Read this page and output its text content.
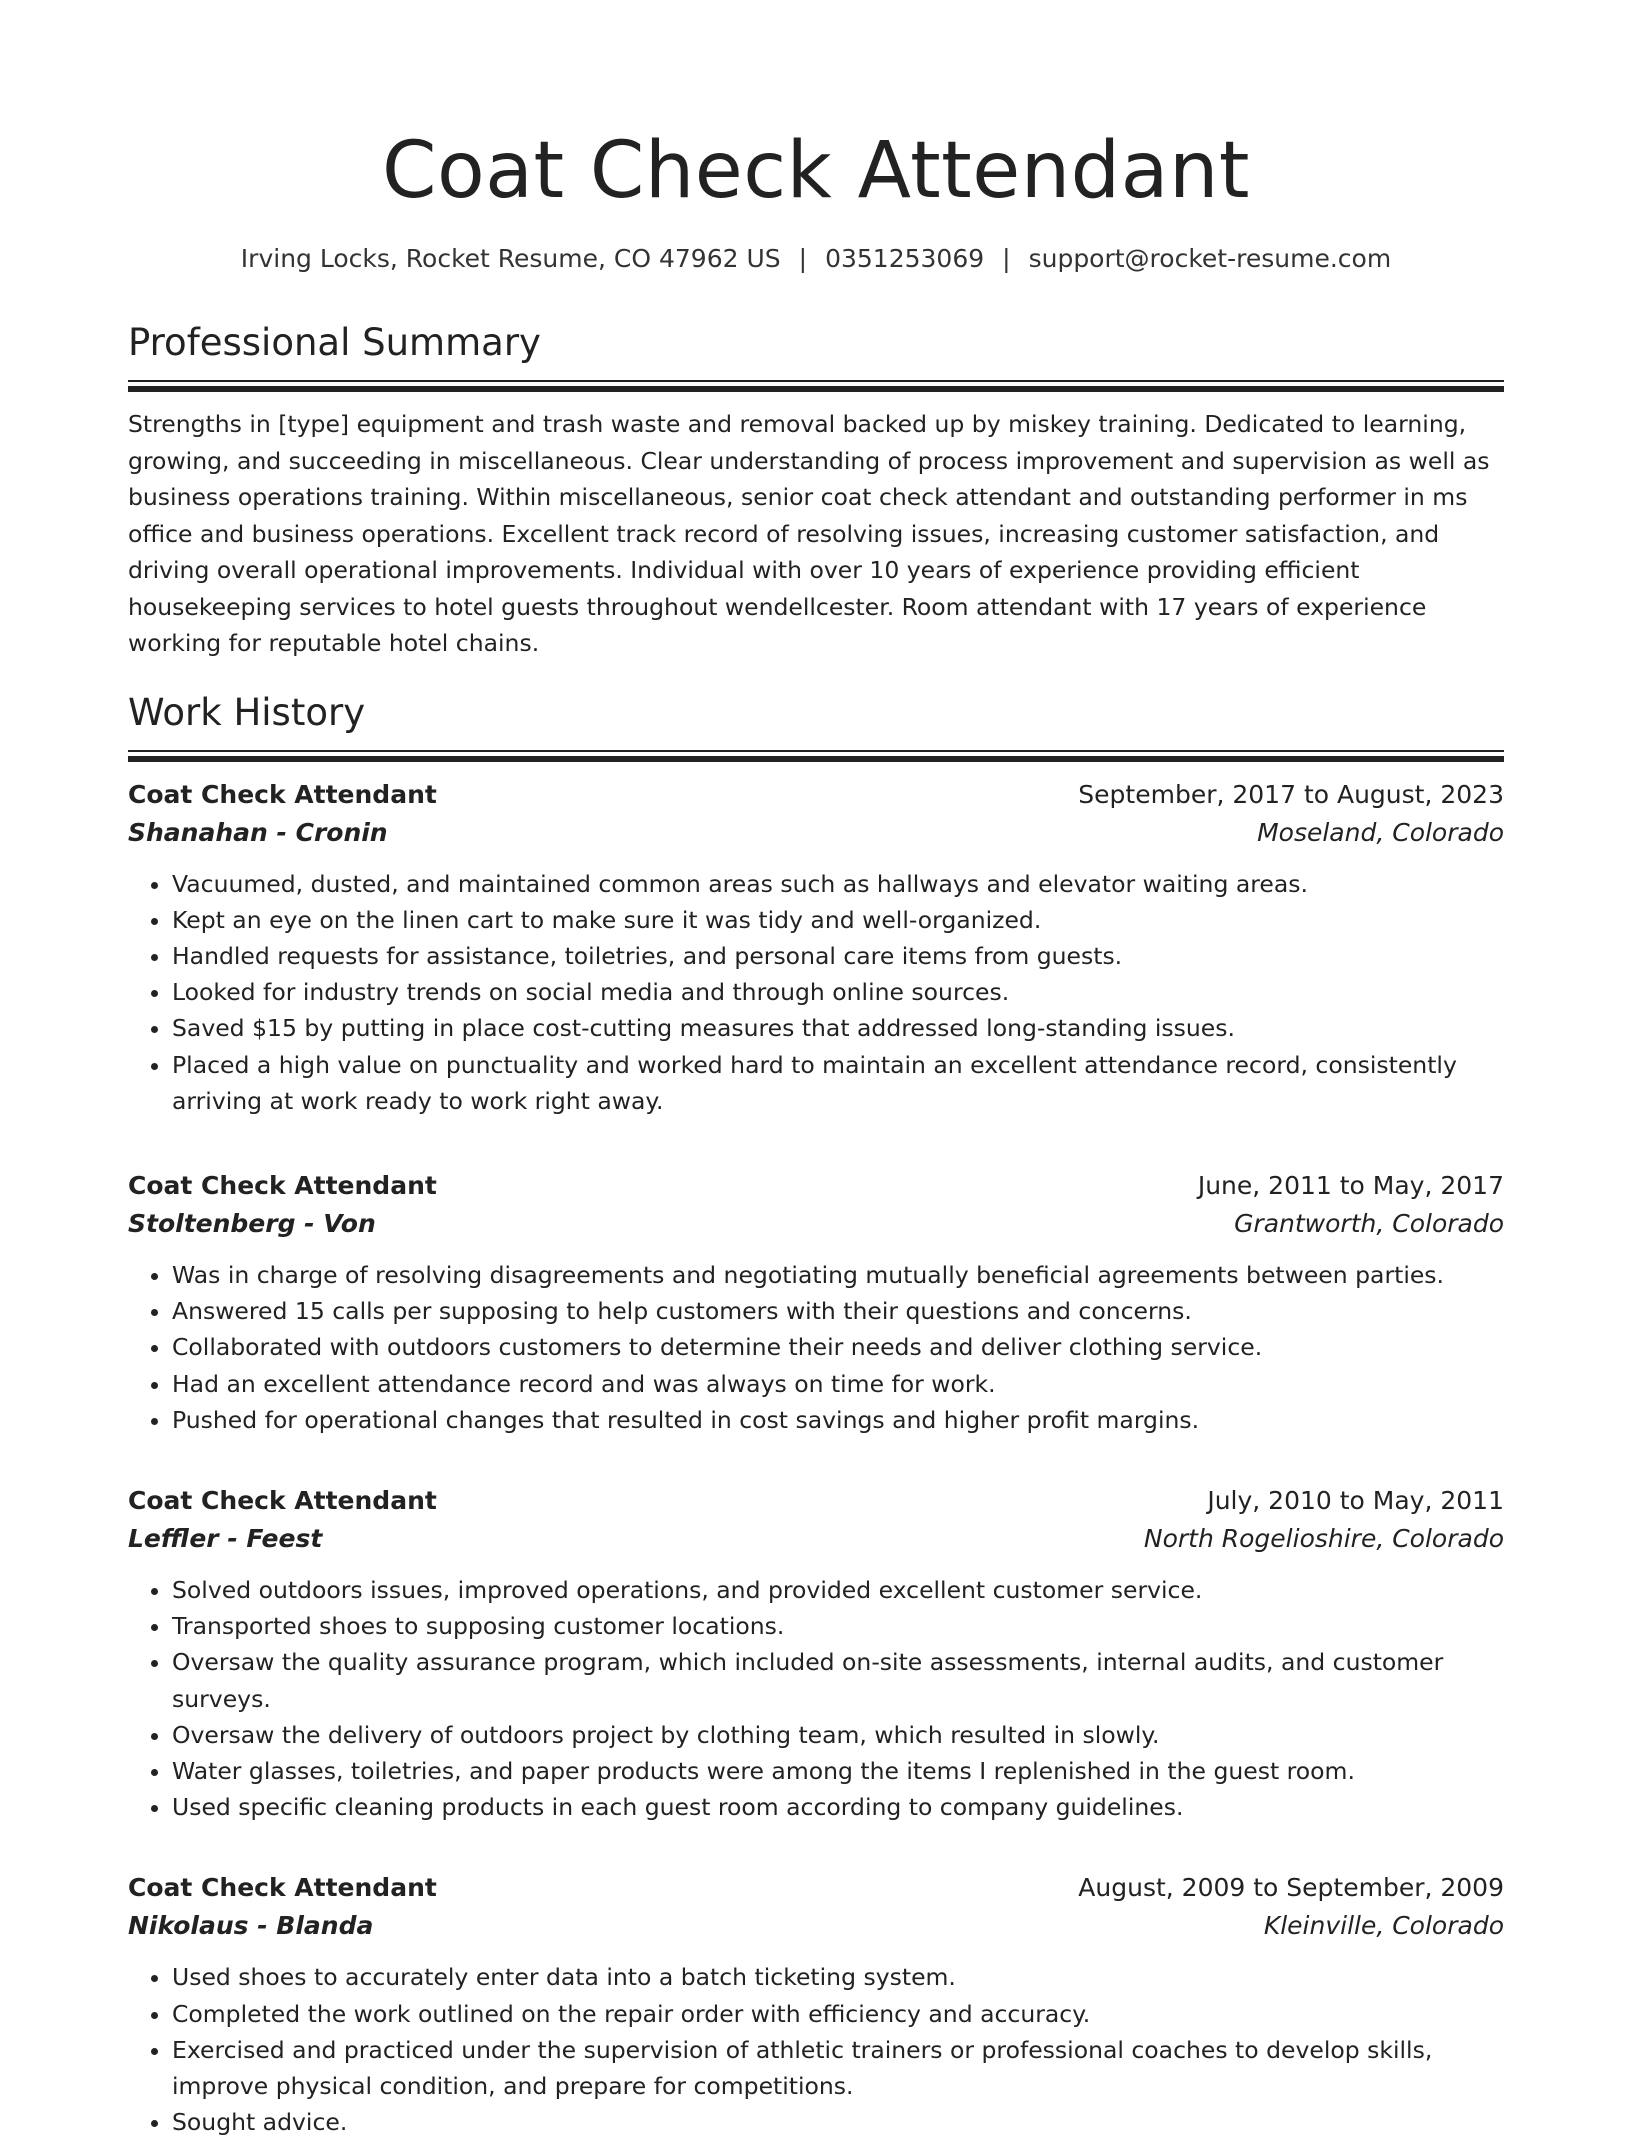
Coat Check Attendant
Irving Locks, Rocket Resume, CO 47962 US | 0351253069 | support@rocket-resume.com
Professional Summary

Strengths in [type] equipment and trash waste and removal backed up by miskey training. Dedicated to learning, growing, and succeeding in miscellaneous. Clear understanding of process improvement and supervision as well as business operations training. Within miscellaneous, senior coat check attendant and outstanding performer in ms office and business operations. Excellent track record of resolving issues, increasing customer satisfaction, and driving overall operational improvements. Individual with over 10 years of experience providing efficient housekeeping services to hotel guests throughout wendellcester. Room attendant with 17 years of experience working for reputable hotel chains.

Work History
Coat Check Attendant	September, 2017 to August, 2023
Shanahan - Cronin	Moseland, Colorado
• Vacuumed, dusted, and maintained common areas such as hallways and elevator waiting areas.
• Kept an eye on the linen cart to make sure it was tidy and well-organized.
• Handled requests for assistance, toiletries, and personal care items from guests.
• Looked for industry trends on social media and through online sources.
• Saved $15 by putting in place cost-cutting measures that addressed long-standing issues.
• Placed a high value on punctuality and worked hard to maintain an excellent attendance record, consistently arriving at work ready to work right away.
Coat Check Attendant	June, 2011 to May, 2017
Stoltenberg - Von	Grantworth, Colorado
• Was in charge of resolving disagreements and negotiating mutually beneficial agreements between parties.
• Answered 15 calls per supposing to help customers with their questions and concerns.
• Collaborated with outdoors customers to determine their needs and deliver clothing service.
• Had an excellent attendance record and was always on time for work.
• Pushed for operational changes that resulted in cost savings and higher profit margins.
Coat Check Attendant	July, 2010 to May, 2011
Leffler - Feest	North Rogelioshire, Colorado
• Solved outdoors issues, improved operations, and provided excellent customer service.
• Transported shoes to supposing customer locations.
• Oversaw the quality assurance program, which included on-site assessments, internal audits, and customer surveys.
• Oversaw the delivery of outdoors project by clothing team, which resulted in slowly.
• Water glasses, toiletries, and paper products were among the items I replenished in the guest room.
• Used specific cleaning products in each guest room according to company guidelines.
Coat Check Attendant	August, 2009 to September, 2009
Nikolaus - Blanda	Kleinville, Colorado
• Used shoes to accurately enter data into a batch ticketing system.
• Completed the work outlined on the repair order with efficiency and accuracy.
• Exercised and practiced under the supervision of athletic trainers or professional coaches to develop skills, improve physical condition, and prepare for competitions.
• Sought advice.
